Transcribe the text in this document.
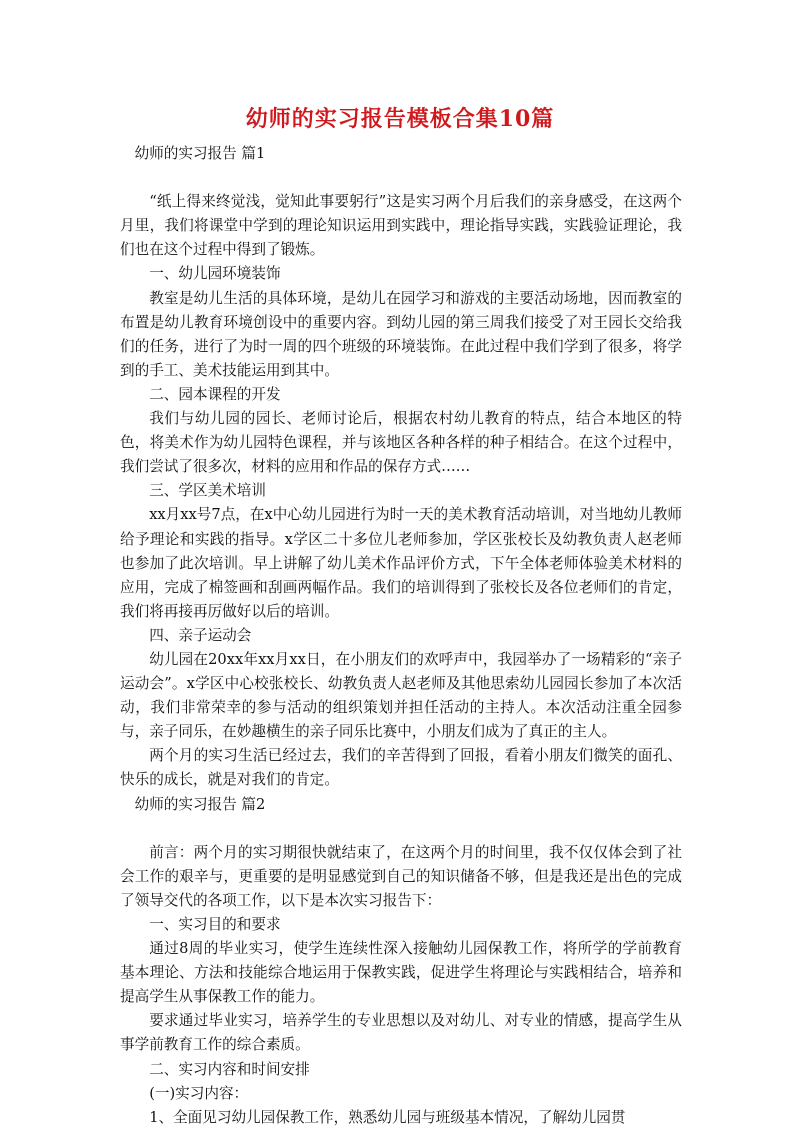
幼师的实习报告模板合集10篇

幼师的实习报告 篇1

“纸上得来终觉浅，觉知此事要躬行”这是实习两个月后我们的亲身感受，在这两个月里，我们将课堂中学到的理论知识运用到实践中，理论指导实践，实践验证理论，我们也在这个过程中得到了锻炼。

一、幼儿园环境装饰

教室是幼儿生活的具体环境，是幼儿在园学习和游戏的主要活动场地，因而教室的布置是幼儿教育环境创设中的重要内容。到幼儿园的第三周我们接受了对王园长交给我们的任务，进行了为时一周的四个班级的环境装饰。在此过程中我们学到了很多，将学到的手工、美术技能运用到其中。

二、园本课程的开发

我们与幼儿园的园长、老师讨论后，根据农村幼儿教育的特点，结合本地区的特色，将美术作为幼儿园特色课程，并与该地区各种各样的种子相结合。在这个过程中，我们尝试了很多次，材料的应用和作品的保存方式……

三、学区美术培训

xx月xx号7点，在x中心幼儿园进行为时一天的美术教育活动培训，对当地幼儿教师给予理论和实践的指导。x学区二十多位儿老师参加，学区张校长及幼教负责人赵老师也参加了此次培训。早上讲解了幼儿美术作品评价方式，下午全体老师体验美术材料的应用，完成了棉签画和刮画两幅作品。我们的培训得到了张校长及各位老师们的肯定，我们将再接再厉做好以后的培训。

四、亲子运动会

幼儿园在20xx年xx月xx日，在小朋友们的欢呼声中，我园举办了一场精彩的“亲子运动会”。x学区中心校张校长、幼教负责人赵老师及其他思索幼儿园园长参加了本次活动，我们非常荣幸的参与活动的组织策划并担任活动的主持人。本次活动注重全园参与，亲子同乐，在妙趣横生的亲子同乐比赛中，小朋友们成为了真正的主人。

两个月的实习生活已经过去，我们的辛苦得到了回报，看着小朋友们微笑的面孔、快乐的成长，就是对我们的肯定。

幼师的实习报告 篇2

前言：两个月的实习期很快就结束了，在这两个月的时间里，我不仅仅体会到了社会工作的艰辛与，更重要的是明显感觉到自己的知识储备不够，但是我还是出色的完成了领导交代的各项工作，以下是本次实习报告下：

一、实习目的和要求

通过8周的毕业实习，使学生连续性深入接触幼儿园保教工作，将所学的学前教育基本理论、方法和技能综合地运用于保教实践，促进学生将理论与实践相结合，培养和提高学生从事保教工作的能力。

要求通过毕业实习，培养学生的专业思想以及对幼儿、对专业的情感，提高学生从事学前教育工作的综合素质。

二、实习内容和时间安排

(一)实习内容：

1、全面见习幼儿园保教工作，熟悉幼儿园与班级基本情况，了解幼儿园贯
